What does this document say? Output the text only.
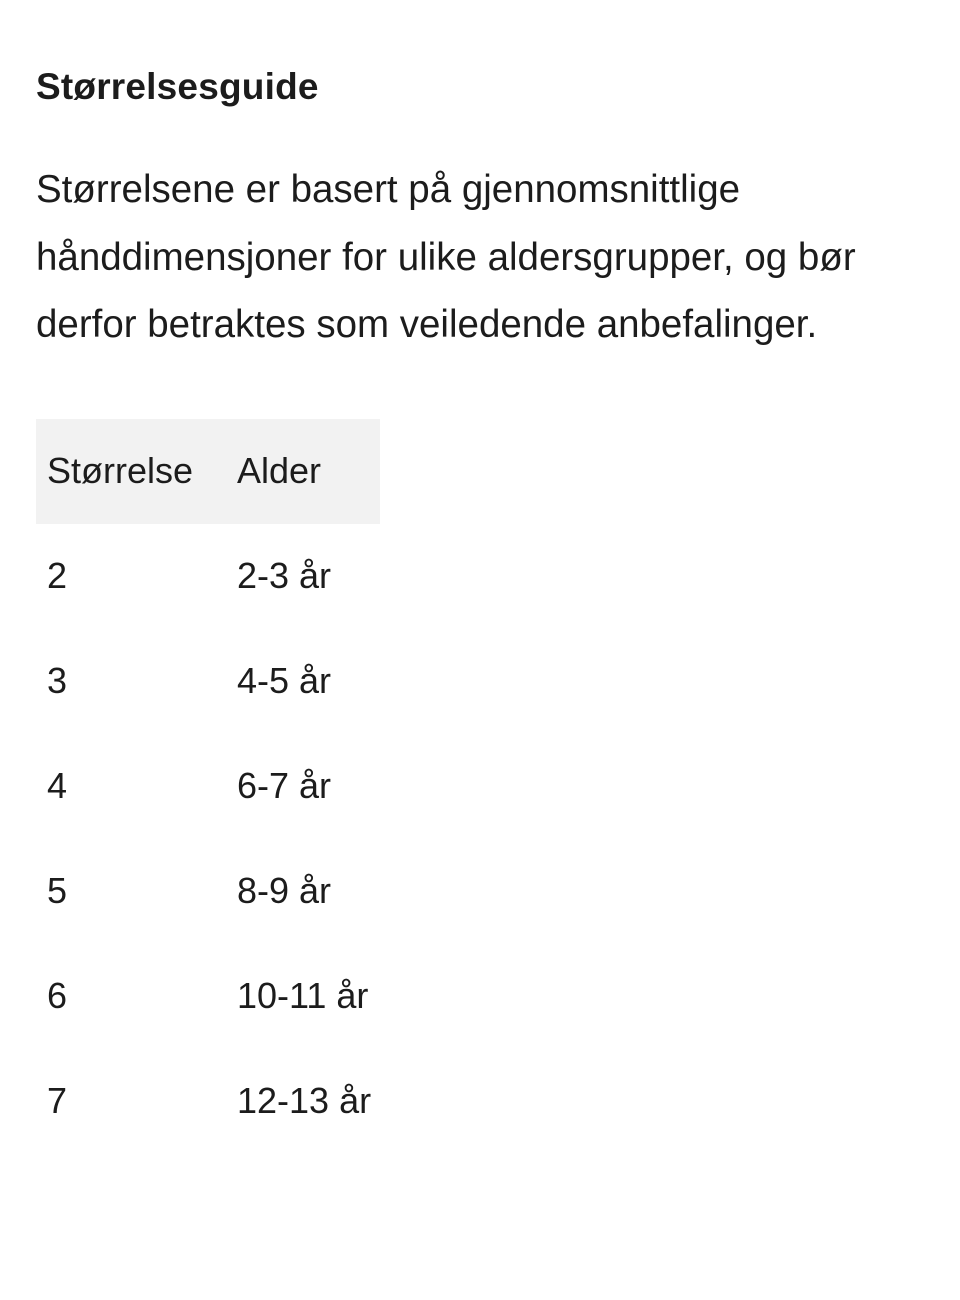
Størrelsesguide

Størrelsene er basert på gjennomsnittlige hånddimensjoner for ulike aldersgrupper, og bør derfor betraktes som veiledende anbefalinger.

Størrelse	Alder
2	2-3 år
3	4-5 år
4	6-7 år
5	8-9 år
6	10-11 år
7	12-13 år
